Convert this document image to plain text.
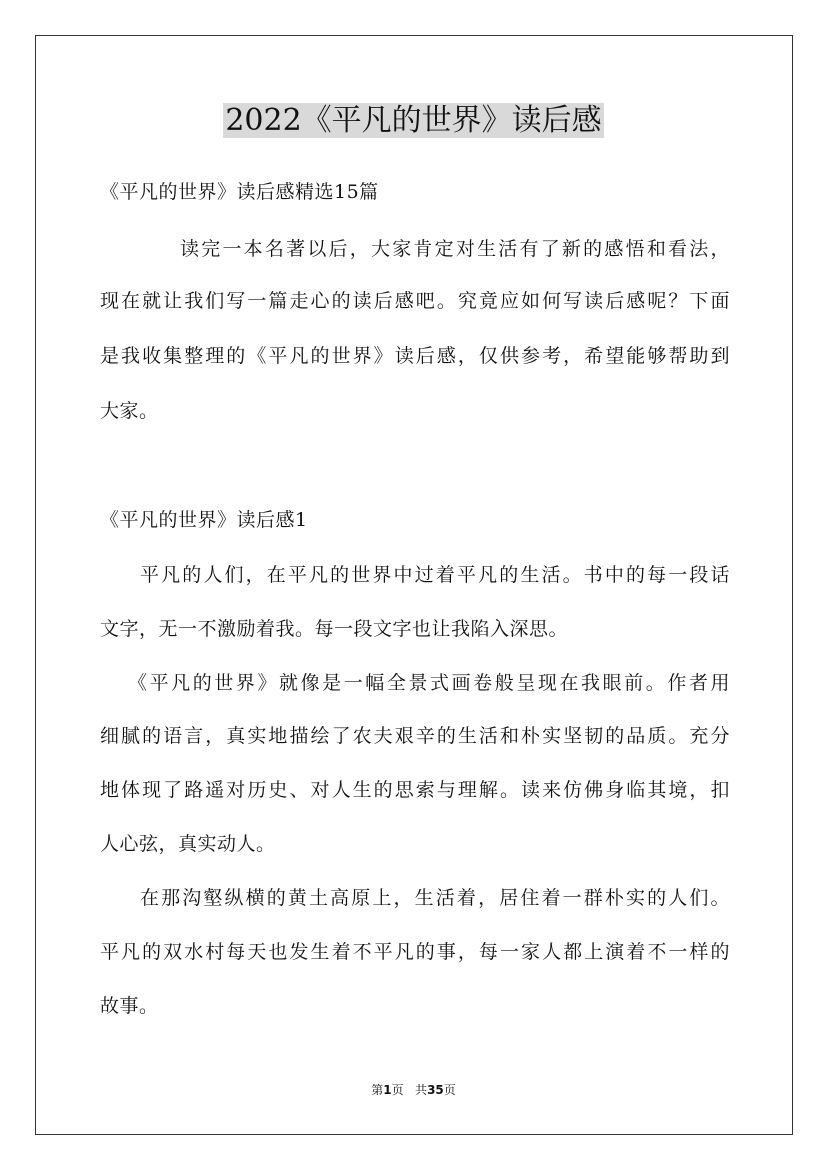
2022《平凡的世界》读后感
《平凡的世界》读后感精选15篇
读完一本名著以后，大家肯定对生活有了新的感悟和看法，
现在就让我们写一篇走心的读后感吧。究竟应如何写读后感呢？下面
是我收集整理的《平凡的世界》读后感，仅供参考，希望能够帮助到
大家。
《平凡的世界》读后感1
平凡的人们，在平凡的世界中过着平凡的生活。书中的每一段话
文字，无一不激励着我。每一段文字也让我陷入深思。
《平凡的世界》就像是一幅全景式画卷般呈现在我眼前。作者用
细腻的语言，真实地描绘了农夫艰辛的生活和朴实坚韧的品质。充分
地体现了路遥对历史、对人生的思索与理解。读来仿佛身临其境，扣
人心弦，真实动人。
在那沟壑纵横的黄土高原上，生活着，居住着一群朴实的人们。
平凡的双水村每天也发生着不平凡的事，每一家人都上演着不一样的
故事。
第1页 共35页
